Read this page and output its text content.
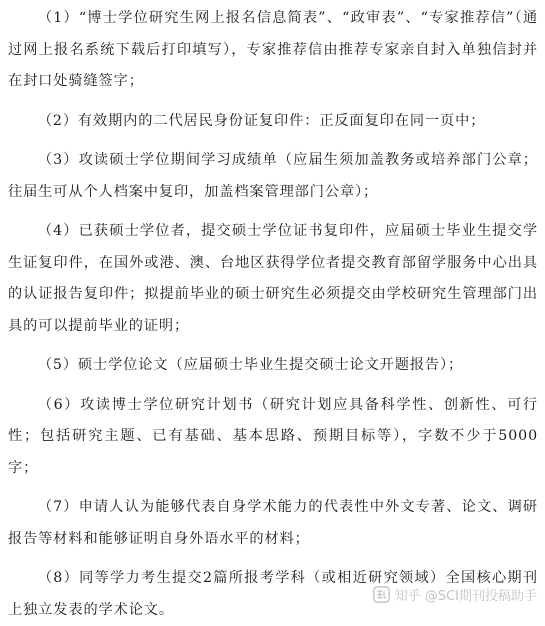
（1）“博士学位研究生网上报名信息简表”、“政审表”、“专家推荐信”（通过网上报名系统下载后打印填写），专家推荐信由推荐专家亲自封入单独信封并在封口处骑缝签字；

（2）有效期内的二代居民身份证复印件：正反面复印在同一页中；

（3）攻读硕士学位期间学习成绩单（应届生须加盖教务或培养部门公章；往届生可从个人档案中复印，加盖档案管理部门公章）；

（4）已获硕士学位者，提交硕士学位证书复印件，应届硕士毕业生提交学生证复印件，在国外或港、澳、台地区获得学位者提交教育部留学服务中心出具的认证报告复印件；拟提前毕业的硕士研究生必须提交由学校研究生管理部门出具的可以提前毕业的证明；

（5）硕士学位论文（应届硕士毕业生提交硕士论文开题报告）；

（6）攻读博士学位研究计划书（研究计划应具备科学性、创新性、可行性；包括研究主题、已有基础、基本思路、预期目标等），字数不少于5000字；

（7）申请人认为能够代表自身学术能力的代表性中外文专著、论文、调研报告等材料和能够证明自身外语水平的材料；

（8）同等学力考生提交2篇所报考学科（或相近研究领域）全国核心期刊上独立发表的学术论文。

知乎 @SCI期刊投稿助手
